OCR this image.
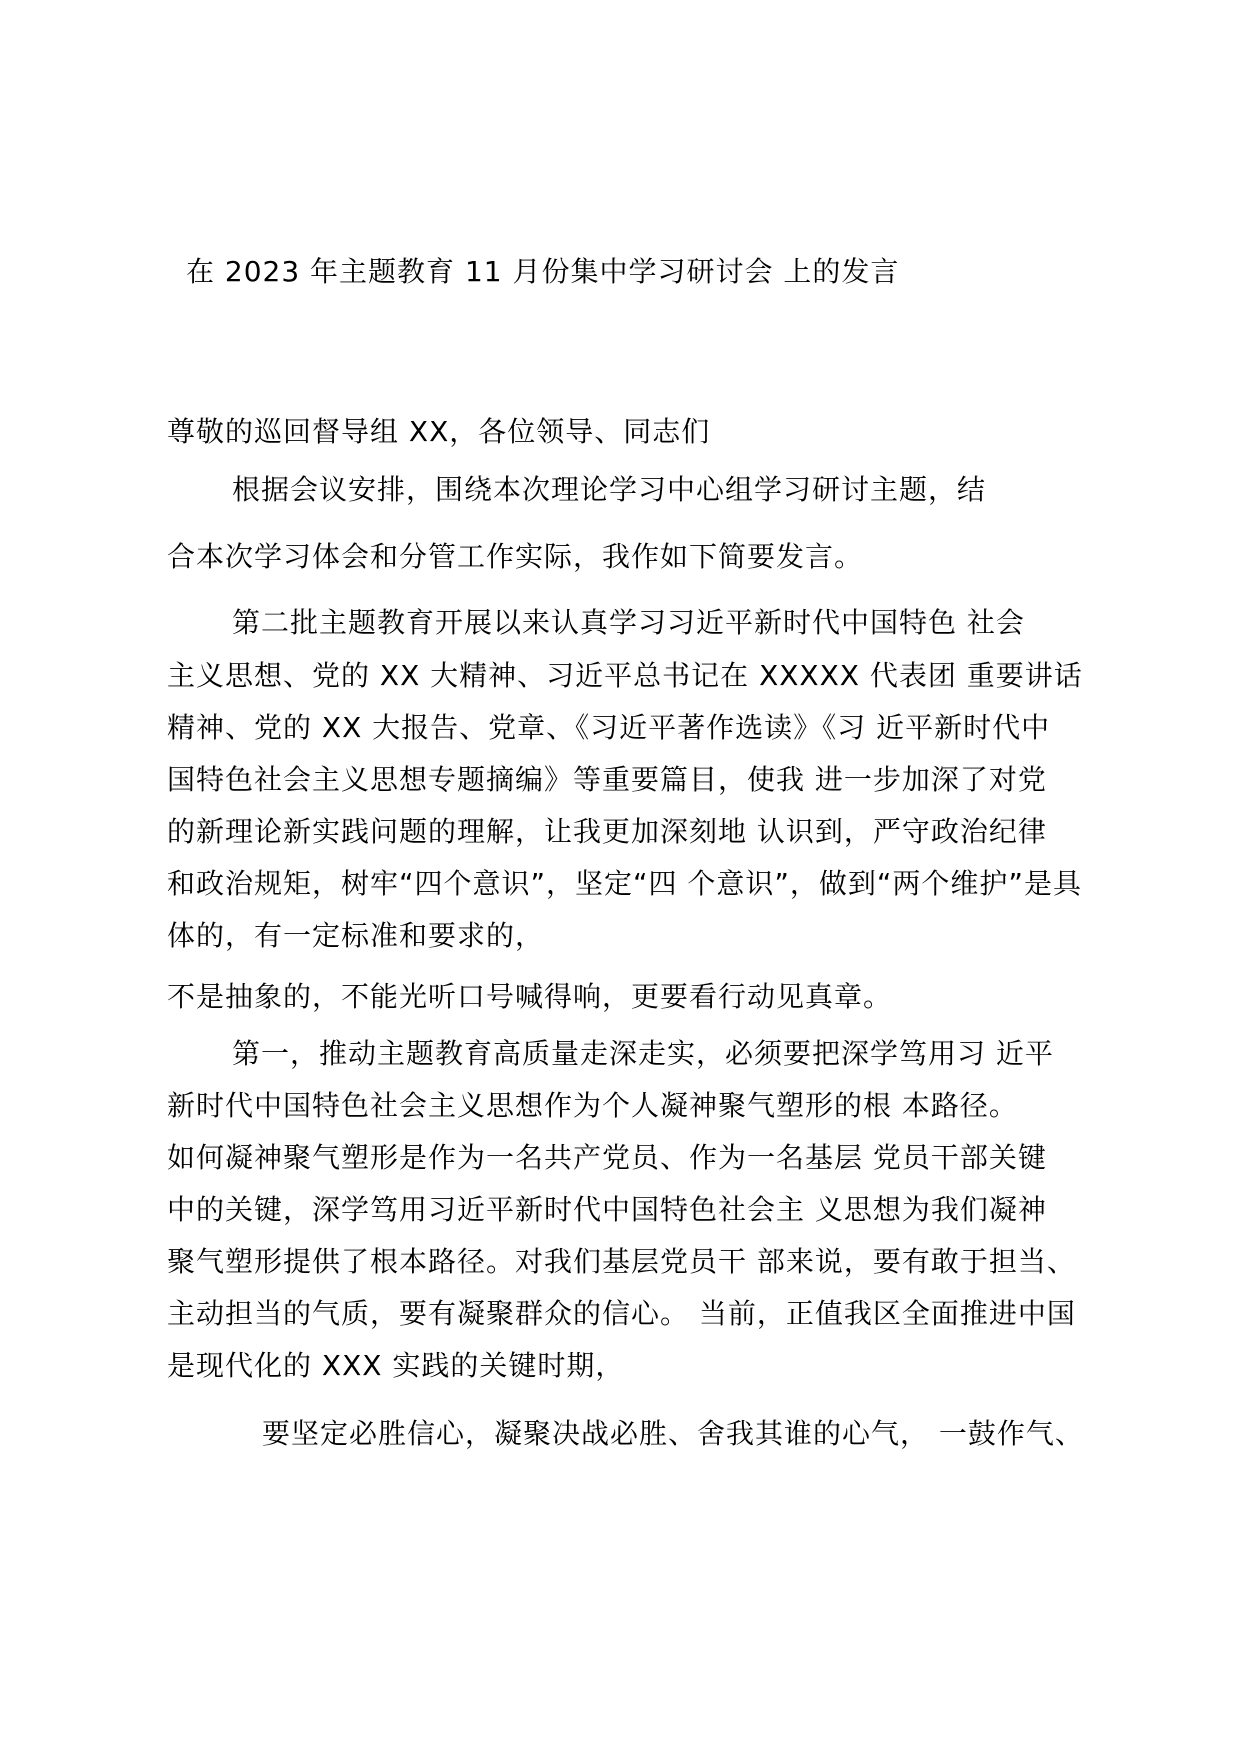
在 2023 年主题教育 11 月份集中学习研讨会 上的发言
尊敬的巡回督导组 XX，各位领导、同志们
根据会议安排，围绕本次理论学习中心组学习研讨主题，结
合本次学习体会和分管工作实际，我作如下简要发言。
第二批主题教育开展以来认真学习习近平新时代中国特色 社会
主义思想、党的 XX 大精神、习近平总书记在 XXXXX 代表团 重要讲话
精神、党的 XX 大报告、党章、《习近平著作选读》《习 近平新时代中
国特色社会主义思想专题摘编》等重要篇目，使我 进一步加深了对党
的新理论新实践问题的理解，让我更加深刻地 认识到，严守政治纪律
和政治规矩，树牢“四个意识”，坚定“四 个意识”，做到“两个维护”是具
体的，有一定标准和要求的，
不是抽象的，不能光听口号喊得响，更要看行动见真章。
第一，推动主题教育高质量走深走实，必须要把深学笃用习 近平
新时代中国特色社会主义思想作为个人凝神聚气塑形的根 本路径。
如何凝神聚气塑形是作为一名共产党员、作为一名基层 党员干部关键
中的关键，深学笃用习近平新时代中国特色社会主 义思想为我们凝神
聚气塑形提供了根本路径。对我们基层党员干 部来说，要有敢于担当、
主动担当的气质，要有凝聚群众的信心。 当前，正值我区全面推进中国
是现代化的 XXX 实践的关键时期，
要坚定必胜信心，凝聚决战必胜、舍我其谁的心气， 一鼓作气、
